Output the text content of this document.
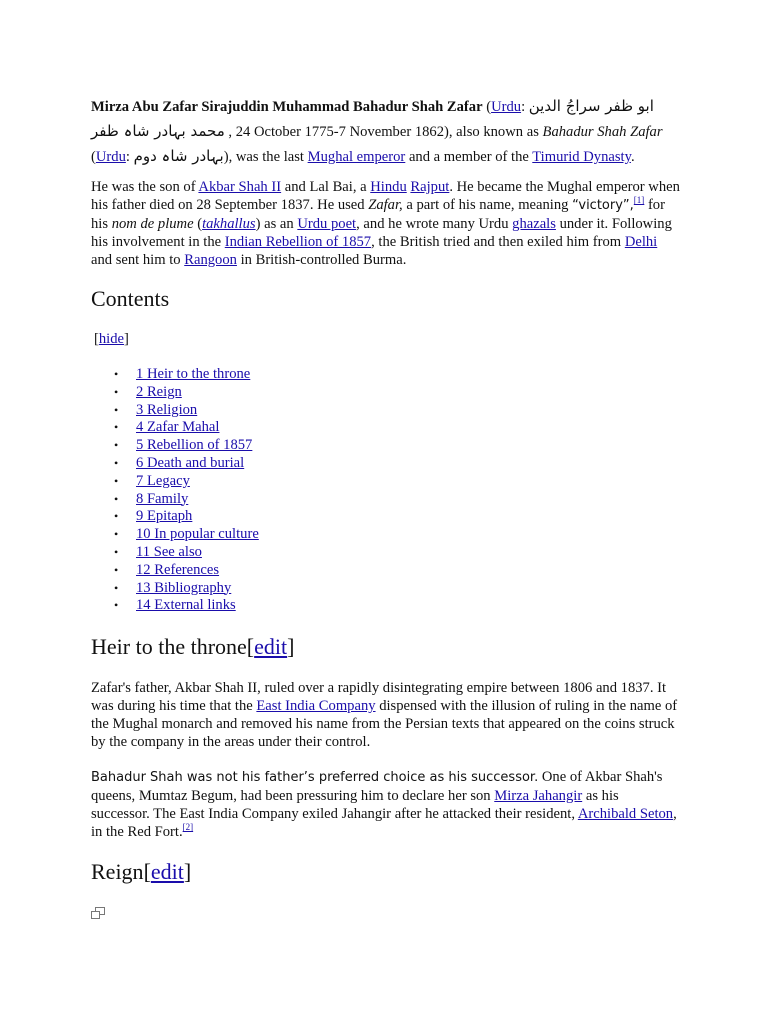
Mirza Abu Zafar Sirajuddin Muhammad Bahadur Shah Zafar (Urdu: ابو ظفر سراجُ الدین محمد بہادر شاہ ظفر , 24 October 1775-7 November 1862), also known as Bahadur Shah Zafar (Urdu: بہادر شاہ دوم), was the last Mughal emperor and a member of the Timurid Dynasty.

He was the son of Akbar Shah II and Lal Bai, a Hindu Rajput. He became the Mughal emperor when his father died on 28 September 1837. He used Zafar, a part of his name, meaning “victory”,[1] for his nom de plume (takhallus) as an Urdu poet, and he wrote many Urdu ghazals under it. Following his involvement in the Indian Rebellion of 1857, the British tried and then exiled him from Delhi and sent him to Rangoon in British-controlled Burma.

Contents
[hide]
• 1 Heir to the throne
• 2 Reign
• 3 Religion
• 4 Zafar Mahal
• 5 Rebellion of 1857
• 6 Death and burial
• 7 Legacy
• 8 Family
• 9 Epitaph
• 10 In popular culture
• 11 See also
• 12 References
• 13 Bibliography
• 14 External links
Heir to the throne[edit]

Zafar's father, Akbar Shah II, ruled over a rapidly disintegrating empire between 1806 and 1837. It was during his time that the East India Company dispensed with the illusion of ruling in the name of the Mughal monarch and removed his name from the Persian texts that appeared on the coins struck by the company in the areas under their control.

Bahadur Shah was not his father’s preferred choice as his successor. One of Akbar Shah's queens, Mumtaz Begum, had been pressuring him to declare her son Mirza Jahangir as his successor. The East India Company exiled Jahangir after he attacked their resident, Archibald Seton, in the Red Fort.[2]

Reign[edit]
